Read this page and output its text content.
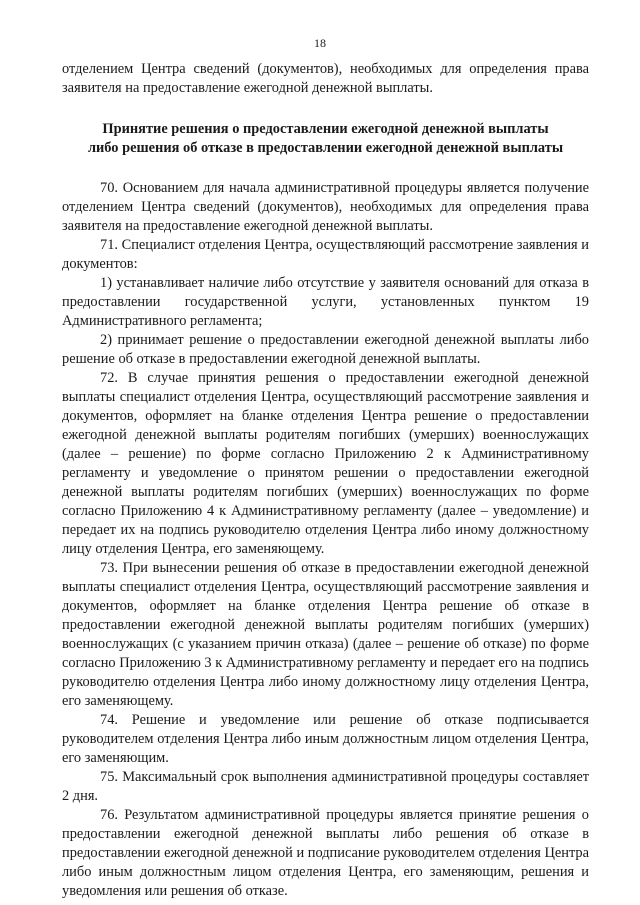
18

отделением Центра сведений (документов), необходимых для определения права заявителя на предоставление ежегодной денежной выплаты.

Принятие решения о предоставлении ежегодной денежной выплаты
либо решения об отказе в предоставлении ежегодной денежной выплаты

70. Основанием для начала административной процедуры является получение отделением Центра сведений (документов), необходимых для определения права заявителя на предоставление ежегодной денежной выплаты.

71. Специалист отделения Центра, осуществляющий рассмотрение заявления и документов:

1) устанавливает наличие либо отсутствие у заявителя оснований для отказа в предоставлении государственной услуги, установленных пунктом 19 Административного регламента;

2) принимает решение о предоставлении ежегодной денежной выплаты либо решение об отказе в предоставлении ежегодной денежной выплаты.

72. В случае принятия решения о предоставлении ежегодной денежной выплаты специалист отделения Центра, осуществляющий рассмотрение заявления и документов, оформляет на бланке отделения Центра решение о предоставлении ежегодной денежной выплаты родителям погибших (умерших) военнослужащих (далее – решение) по форме согласно Приложению 2 к Административному регламенту и уведомление о принятом решении о предоставлении ежегодной денежной выплаты родителям погибших (умерших) военнослужащих по форме согласно Приложению 4 к Административному регламенту (далее – уведомление) и передает их на подпись руководителю отделения Центра либо иному должностному лицу отделения Центра, его заменяющему.

73. При вынесении решения об отказе в предоставлении ежегодной денежной выплаты специалист отделения Центра, осуществляющий рассмотрение заявления и документов, оформляет на бланке отделения Центра решение об отказе в предоставлении ежегодной денежной выплаты родителям погибших (умерших) военнослужащих (с указанием причин отказа) (далее – решение об отказе) по форме согласно Приложению 3 к Административному регламенту и передает его на подпись руководителю отделения Центра либо иному должностному лицу отделения Центра, его заменяющему.

74. Решение и уведомление или решение об отказе подписывается руководителем отделения Центра либо иным должностным лицом отделения Центра, его заменяющим.

75. Максимальный срок выполнения административной процедуры составляет 2 дня.

76. Результатом административной процедуры является принятие решения о предоставлении ежегодной денежной выплаты либо решения об отказе в предоставлении ежегодной денежной и подписание руководителем отделения Центра либо иным должностным лицом отделения Центра, его заменяющим, решения и уведомления или решения об отказе.
